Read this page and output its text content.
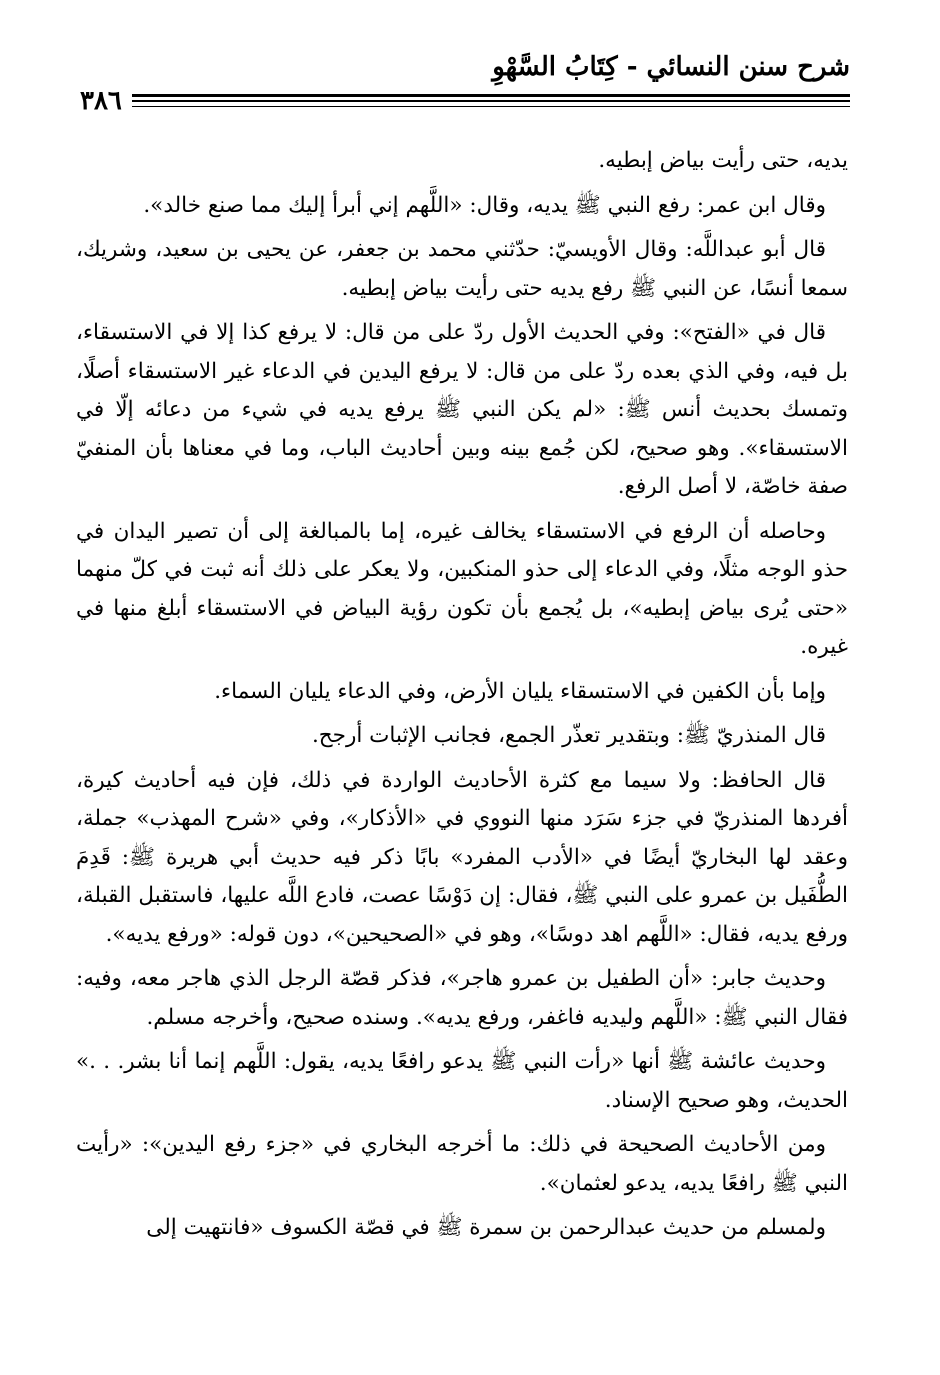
شرح سنن النسائي - كِتَابُ السَّهْوِ
٣٨٦

يديه، حتى رأيت بياض إبطيه.

وقال ابن عمر: رفع النبي ﷺ يديه، وقال: «اللَّهم إني أبرأ إليك مما صنع خالد».

قال أبو عبداللَّه: وقال الأويسيّ: حدّثني محمد بن جعفر، عن يحيى بن سعيد، وشريك، سمعا أنسًا، عن النبي ﷺ رفع يديه حتى رأيت بياض إبطيه.

قال في «الفتح»: وفي الحديث الأول ردّ على من قال: لا يرفع كذا إلا في الاستسقاء، بل فيه، وفي الذي بعده ردّ على من قال: لا يرفع اليدين في الدعاء غير الاستسقاء أصلًا، وتمسك بحديث أنس ﷺ: «لم يكن النبي ﷺ يرفع يديه في شيء من دعائه إلّا في الاستسقاء». وهو صحيح، لكن جُمع بينه وبين أحاديث الباب، وما في معناها بأن المنفيّ صفة خاصّة، لا أصل الرفع.

وحاصله أن الرفع في الاستسقاء يخالف غيره، إما بالمبالغة إلى أن تصير اليدان في حذو الوجه مثلًا، وفي الدعاء إلى حذو المنكبين، ولا يعكر على ذلك أنه ثبت في كلّ منهما «حتى يُرى بياض إبطيه»، بل يُجمع بأن تكون رؤية البياض في الاستسقاء أبلغ منها في غيره.

وإما بأن الكفين في الاستسقاء يليان الأرض، وفي الدعاء يليان السماء.

قال المنذريّ ﷺ: وبتقدير تعذّر الجمع، فجانب الإثبات أرجح.

قال الحافظ: ولا سيما مع كثرة الأحاديث الواردة في ذلك، فإن فيه أحاديث كيرة، أفردها المنذريّ في جزء سَرَد منها النووي في «الأذكار»، وفي «شرح المهذب» جملة، وعقد لها البخاريّ أيضًا في «الأدب المفرد» بابًا ذكر فيه حديث أبي هريرة ﷺ: قَدِمَ الطُّفَيل بن عمرو على النبي ﷺ، فقال: إن دَوْسًا عصت، فادع اللَّه عليها، فاستقبل القبلة، ورفع يديه، فقال: «اللَّهم اهد دوسًا»، وهو في «الصحيحين»، دون قوله: «ورفع يديه».

وحديث جابر: «أن الطفيل بن عمرو هاجر»، فذكر قصّة الرجل الذي هاجر معه، وفيه: فقال النبي ﷺ: «اللَّهم وليديه فاغفر، ورفع يديه». وسنده صحيح، وأخرجه مسلم.

وحديث عائشة ﷺ أنها «رأت النبي ﷺ يدعو رافعًا يديه، يقول: اللَّهم إنما أنا بشر. . .» الحديث، وهو صحيح الإسناد.

ومن الأحاديث الصحيحة في ذلك: ما أخرجه البخاري في «جزء رفع اليدين»: «رأيت النبي ﷺ رافعًا يديه، يدعو لعثمان».

ولمسلم من حديث عبدالرحمن بن سمرة ﷺ في قصّة الكسوف «فانتهيت إلى
